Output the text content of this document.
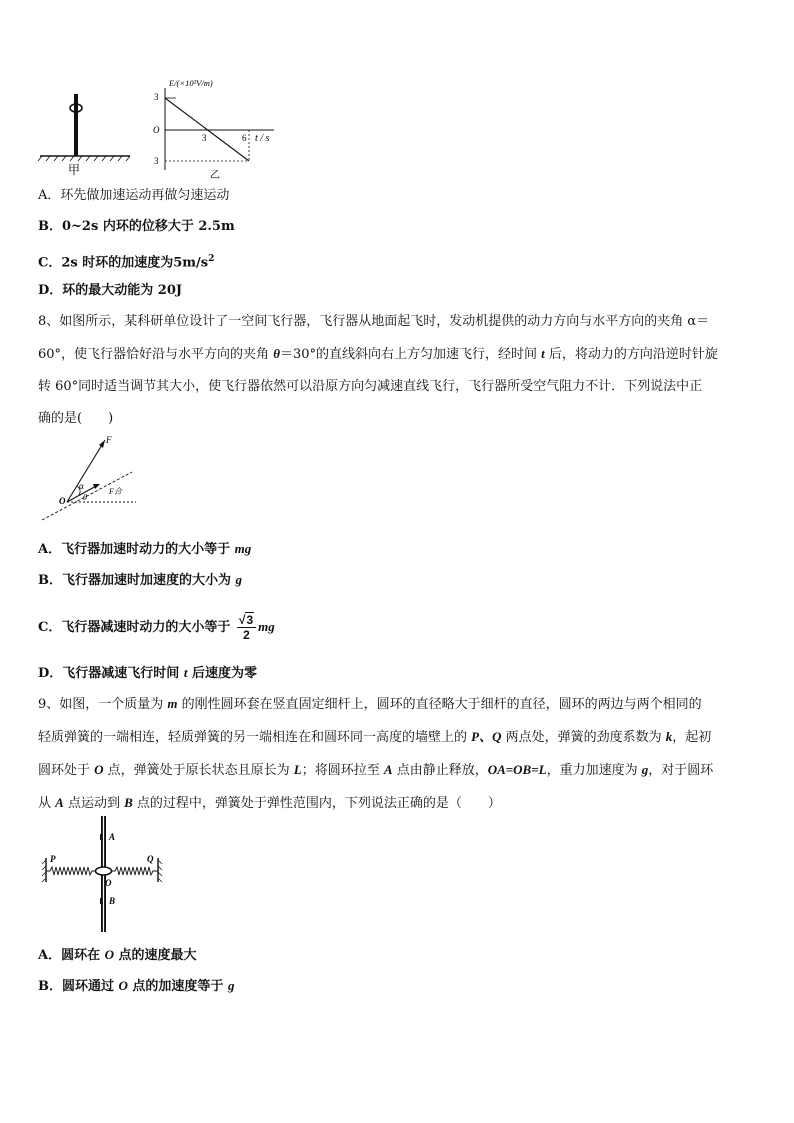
甲
E/(×10²V/m)
3
O
3
3	6 t / s
乙
A．环先做加速运动再做匀速运动
B．0~2s 内环的位移大于 2.5m
C．2s 时环的加速度为$5m/s^2$
D．环的最大动能为 20J
8、如图所示，某科研单位设计了一空间飞行器，飞行器从地面起飞时，发动机提供的动力方向与水平方向的夹角 α＝
60°，使飞行器恰好沿与水平方向的夹角 θ＝30°的直线斜向右上方匀加速飞行，经时间 t 后，将动力的方向沿逆时针旋
转 60°同时适当调节其大小，使飞行器依然可以沿原方向匀减速直线飞行，飞行器所受空气阻力不计．下列说法中正
确的是(　　)
F
α
θ
O
F合
A．飞行器加速时动力的大小等于 mg
B．飞行器加速时加速度的大小为 g
C．飞行器减速时动力的大小等于 $\frac{√3}{2}$ mg
D．飞行器减速飞行时间 t 后速度为零
9、如图，一个质量为 m 的刚性圆环套在竖直固定细杆上，圆环的直径略大于细杆的直径，圆环的两边与两个相同的
轻质弹簧的一端相连，轻质弹簧的另一端相连在和圆环同一高度的墙壁上的 P、Q 两点处，弹簧的劲度系数为 k，起初
圆环处于 O 点，弹簧处于原长状态且原长为 L；将圆环拉至 A 点由静止释放，OA=OB=L，重力加速度为 g，对于圆环
从 A 点运动到 B 点的过程中，弹簧处于弹性范围内，下列说法正确的是（　　）
P	Q
A
O
B
A．圆环在 O 点的速度最大
B．圆环通过 O 点的加速度等于 g
